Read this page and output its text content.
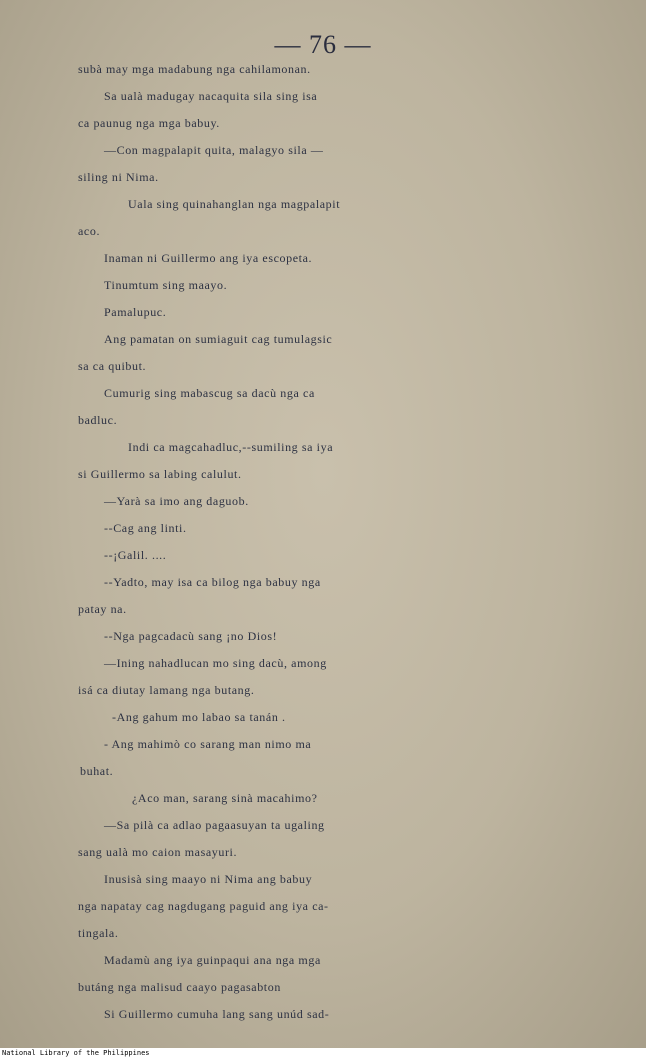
— 76 —
subà may mga madabung nga cahilamonan.
Sa ualà madugay nacaquita sila sing isa
ca paunug nga mga babuy.
—Con magpalapit quita, malagyo sila —
siling ni Nima.
Uala sing quinahanglan nga magpalapit
aco.
Inaman ni Guillermo ang iya escopeta.
Tinumtum sing maayo.
Pamalupuc.
Ang pamatan on sumiaguit cag tumulagsic
sa ca quibut.
Cumurig sing mabascug sa dacù nga ca
badluc.
Indi ca magcahadluc,--sumiling sa iya
si Guillermo sa labing calulut.
—Yarà sa imo ang daguob.
--Cag ang linti.
--¡Galil. ....
--Yadto, may isa ca bilog nga babuy nga
patay na.
--Nga pagcadacù sang ¡no Dios!
—Ining nahadlucan mo sing dacù, among
isá ca diutay lamang nga butang.
-Ang gahum mo labao sa tanán .
- Ang mahimò co sarang man nimo ma
buhat.
¿Aco man, sarang sinà macahimo?
—Sa pilà ca adlao pagaasuyan ta ugaling
sang ualà mo caion masayuri.
Inusisà sing maayo ni Nima ang babuy
nga napatay cag nagdugang paguid ang iya ca-
tingala.
Madamù ang iya guinpaqui ana nga mga
butáng nga malisud caayo pagasabton
Si Guillermo cumuha lang sang unúd sad-
National Library of the Philippines
